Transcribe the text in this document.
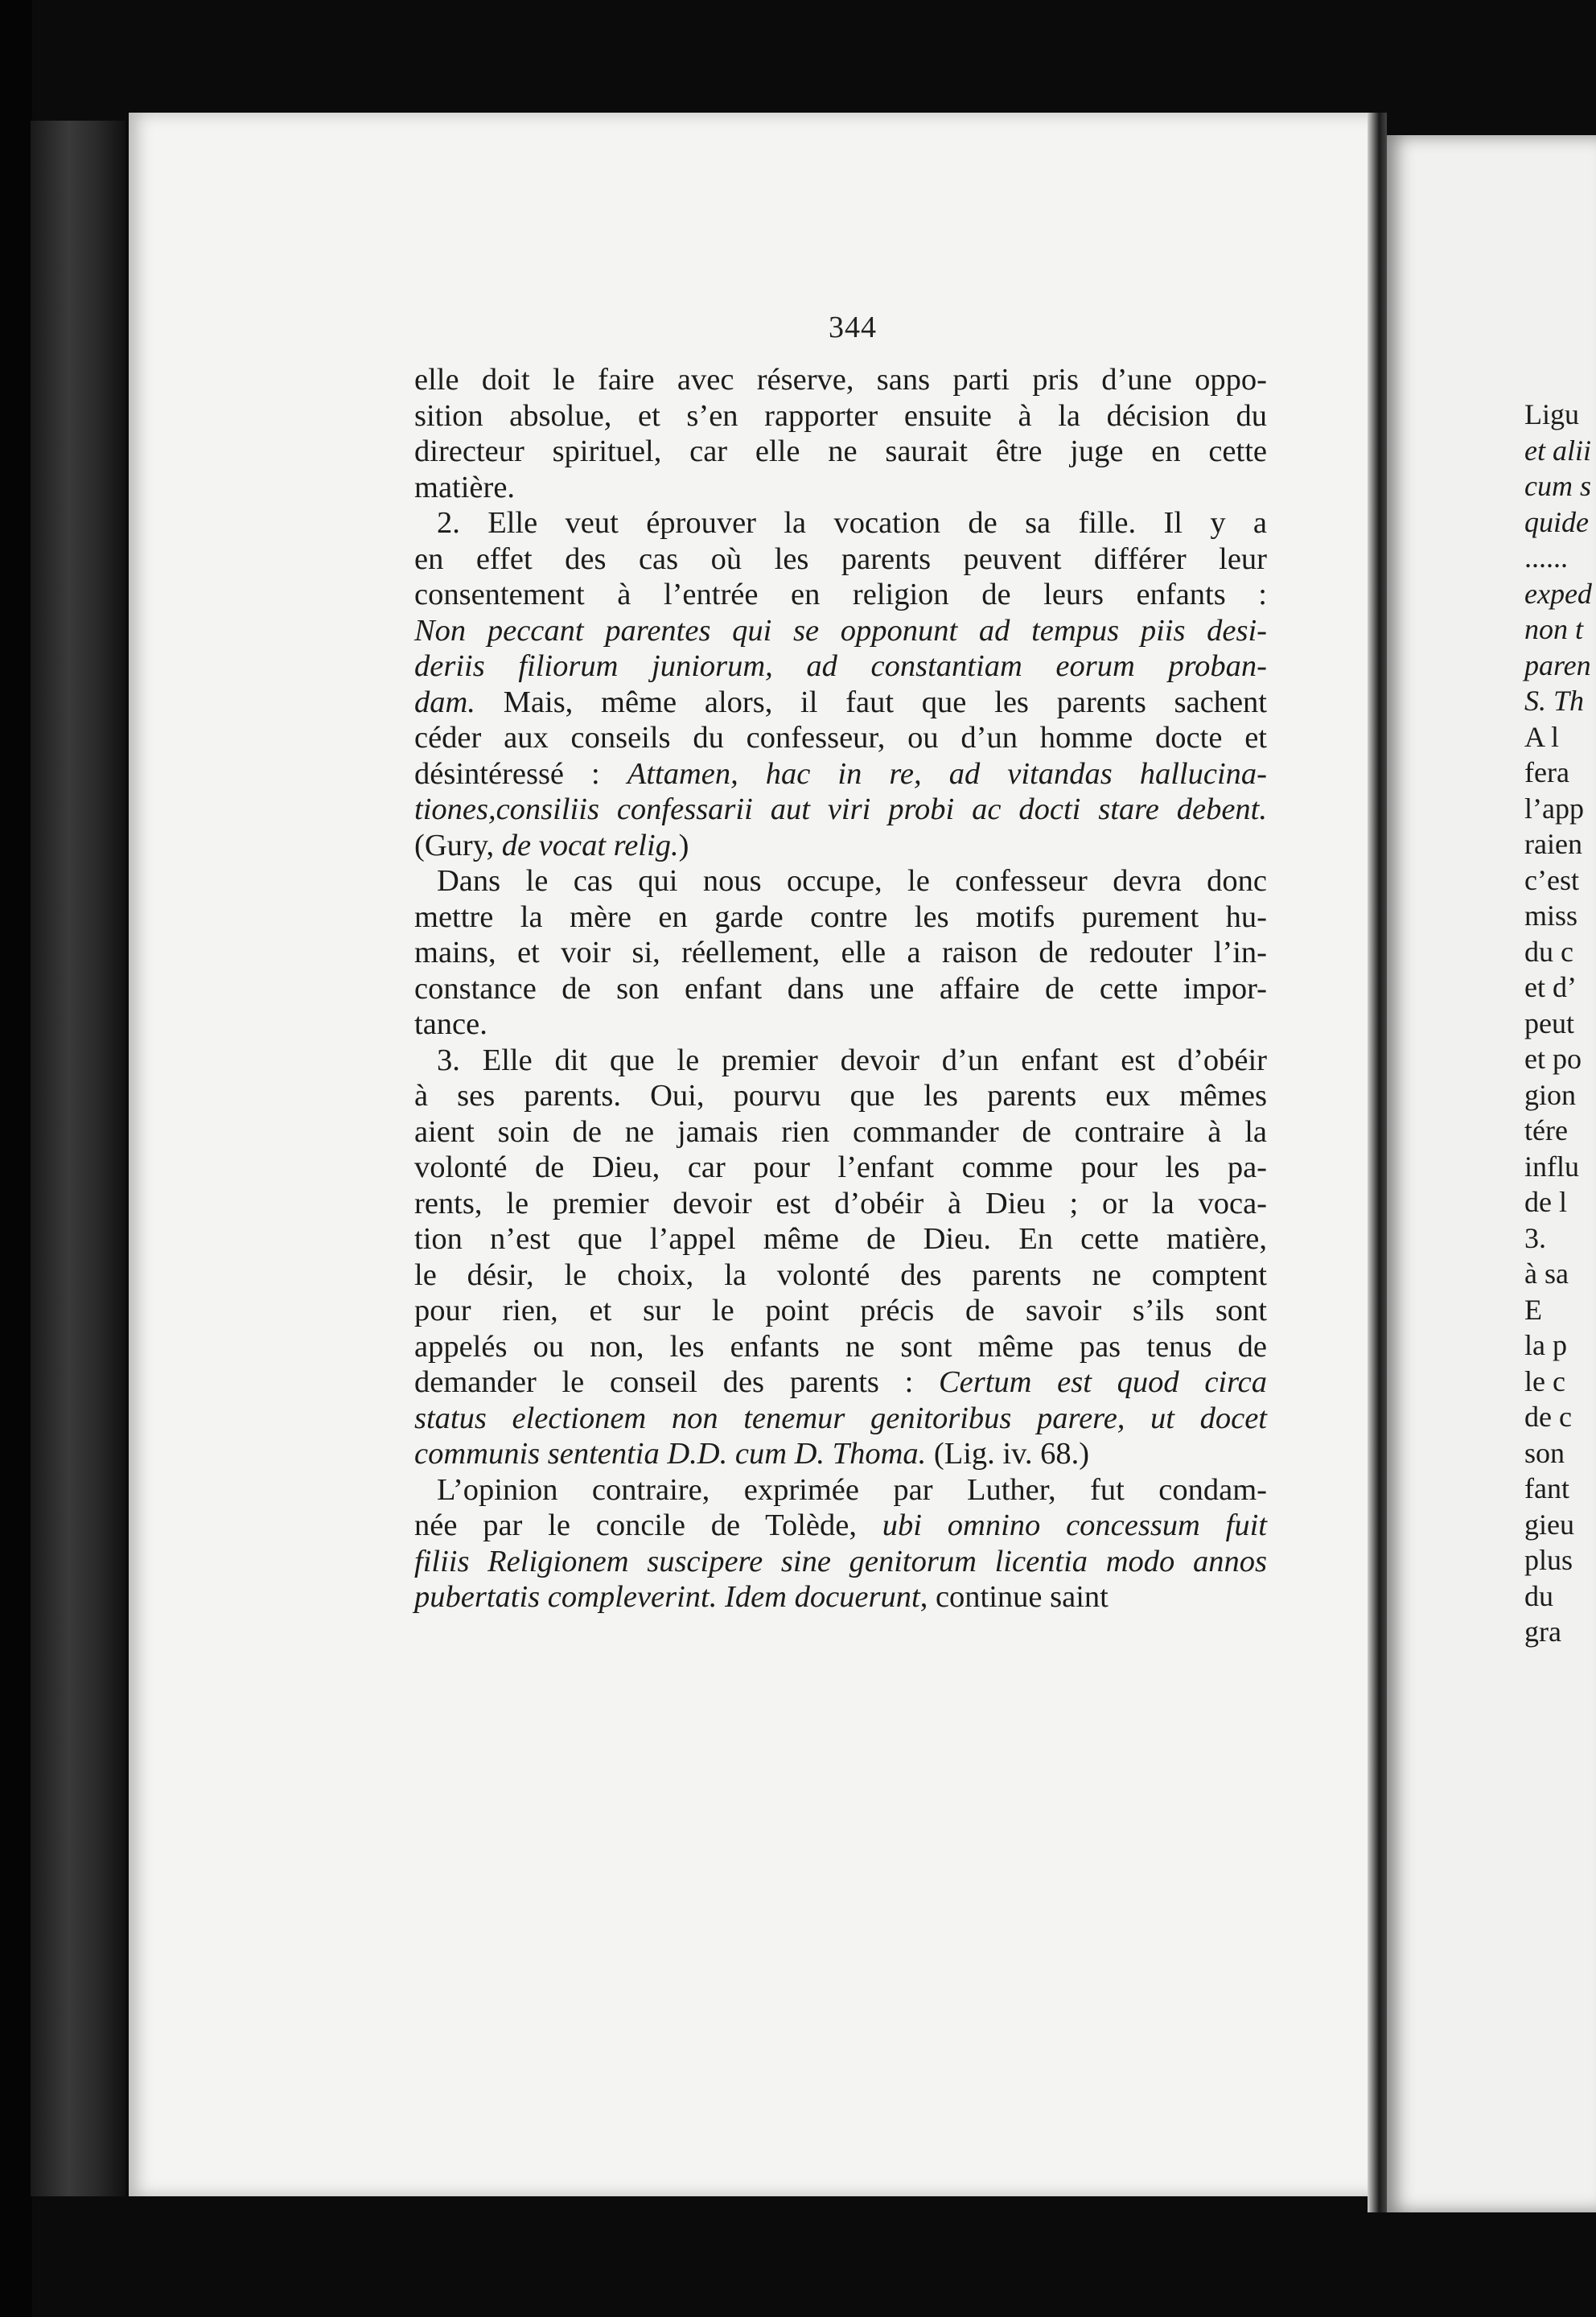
344
elle doit le faire avec réserve, sans parti pris d’une oppo-
sition absolue, et s’en rapporter ensuite à la décision du
directeur spirituel, car elle ne saurait être juge en cette
matière.
2. Elle veut éprouver la vocation de sa fille. Il y a
en effet des cas où les parents peuvent différer leur
consentement à l’entrée en religion de leurs enfants :
Non peccant parentes qui se opponunt ad tempus piis desi-
deriis filiorum juniorum, ad constantiam eorum proban-
dam. Mais, même alors, il faut que les parents sachent
céder aux conseils du confesseur, ou d’un homme docte et
désintéressé : Attamen, hac in re, ad vitandas hallucina-
tiones,consiliis confessarii aut viri probi ac docti stare debent.
(Gury, de vocat relig.)
Dans le cas qui nous occupe, le confesseur devra donc
mettre la mère en garde contre les motifs purement hu-
mains, et voir si, réellement, elle a raison de redouter l’in-
constance de son enfant dans une affaire de cette impor-
tance.
3. Elle dit que le premier devoir d’un enfant est d’obéir
à ses parents. Oui, pourvu que les parents eux mêmes
aient soin de ne jamais rien commander de contraire à la
volonté de Dieu, car pour l’enfant comme pour les pa-
rents, le premier devoir est d’obéir à Dieu ; or la voca-
tion n’est que l’appel même de Dieu. En cette matière,
le désir, le choix, la volonté des parents ne comptent
pour rien, et sur le point précis de savoir s’ils sont
appelés ou non, les enfants ne sont même pas tenus de
demander le conseil des parents : Certum est quod circa
status electionem non tenemur genitoribus parere, ut docet
communis sententia D.D. cum D. Thoma. (Lig. iv. 68.)
L’opinion contraire, exprimée par Luther, fut condam-
née par le concile de Tolède, ubi omnino concessum fuit
filiis Religionem suscipere sine genitorum licentia modo annos
pubertatis compleverint. Idem docuerunt, continue saint
Ligu
et alii
cum s
quide
......
exped
non t
paren
S. Th
A l
fera
l’app
raien
c’est
miss
du c
et d’
peut
et po
gion
tére
influ
de l
3.
à sa
E
la p
le c
de c
son
fant
gieu
plus
du
gra
